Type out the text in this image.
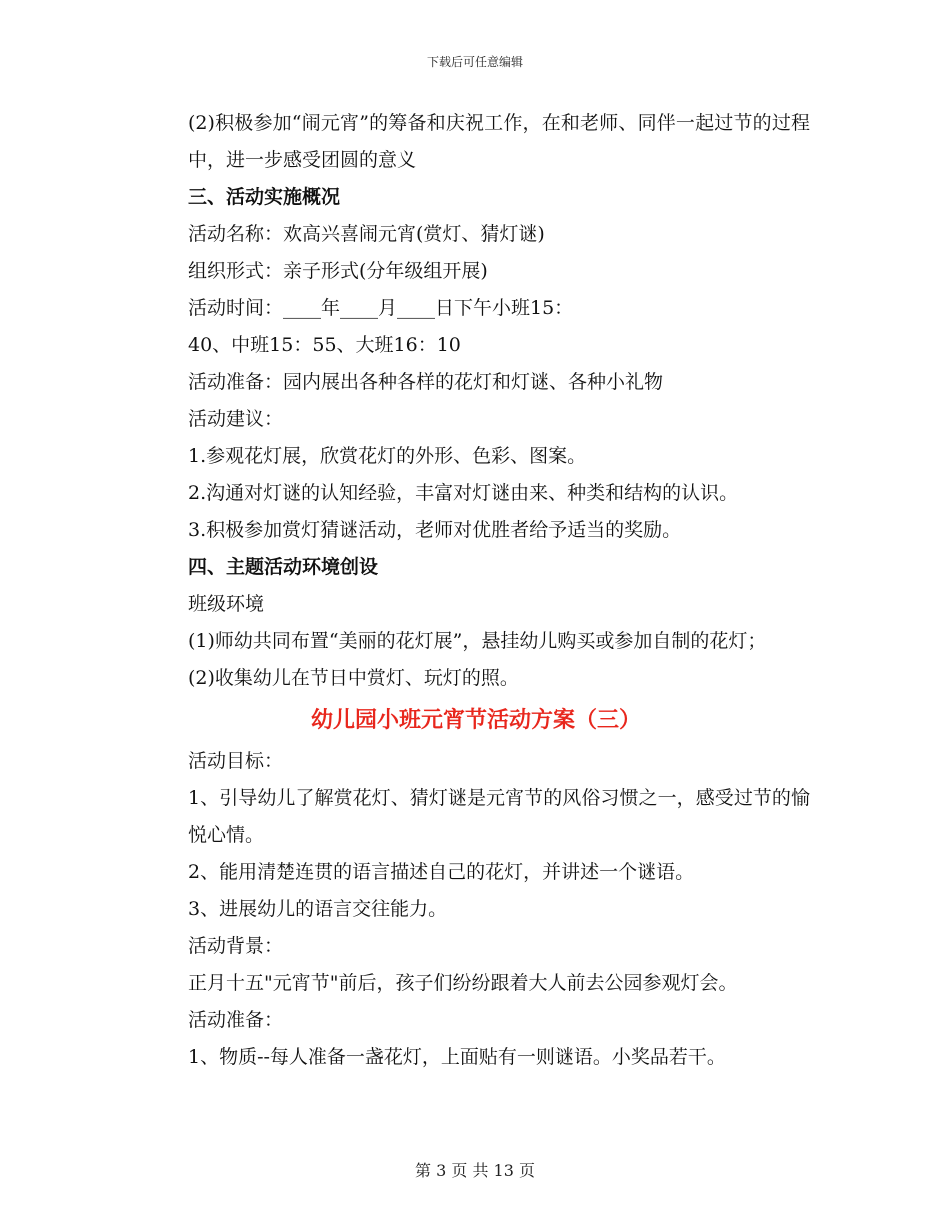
下载后可任意编辑

(2)积极参加“闹元宵”的筹备和庆祝工作，在和老师、同伴一起过节的过程中，进一步感受团圆的意义

三、活动实施概况

活动名称：欢高兴喜闹元宵(赏灯、猜灯谜)

组织形式：亲子形式(分年级组开展)

活动时间：____年____月____日下午小班15：

40、中班15：55、大班16：10

活动准备：园内展出各种各样的花灯和灯谜、各种小礼物

活动建议：

1.参观花灯展，欣赏花灯的外形、色彩、图案。

2.沟通对灯谜的认知经验，丰富对灯谜由来、种类和结构的认识。

3.积极参加赏灯猜谜活动，老师对优胜者给予适当的奖励。

四、主题活动环境创设

班级环境

(1)师幼共同布置“美丽的花灯展”，悬挂幼儿购买或参加自制的花灯；

(2)收集幼儿在节日中赏灯、玩灯的照。

幼儿园小班元宵节活动方案（三）

活动目标：

1、引导幼儿了解赏花灯、猜灯谜是元宵节的风俗习惯之一，感受过节的愉悦心情。

2、能用清楚连贯的语言描述自己的花灯，并讲述一个谜语。

3、进展幼儿的语言交往能力。

活动背景：

正月十五"元宵节"前后，孩子们纷纷跟着大人前去公园参观灯会。

活动准备：

1、物质--每人准备一盏花灯，上面贴有一则谜语。小奖品若干。

第 3 页 共 13 页
